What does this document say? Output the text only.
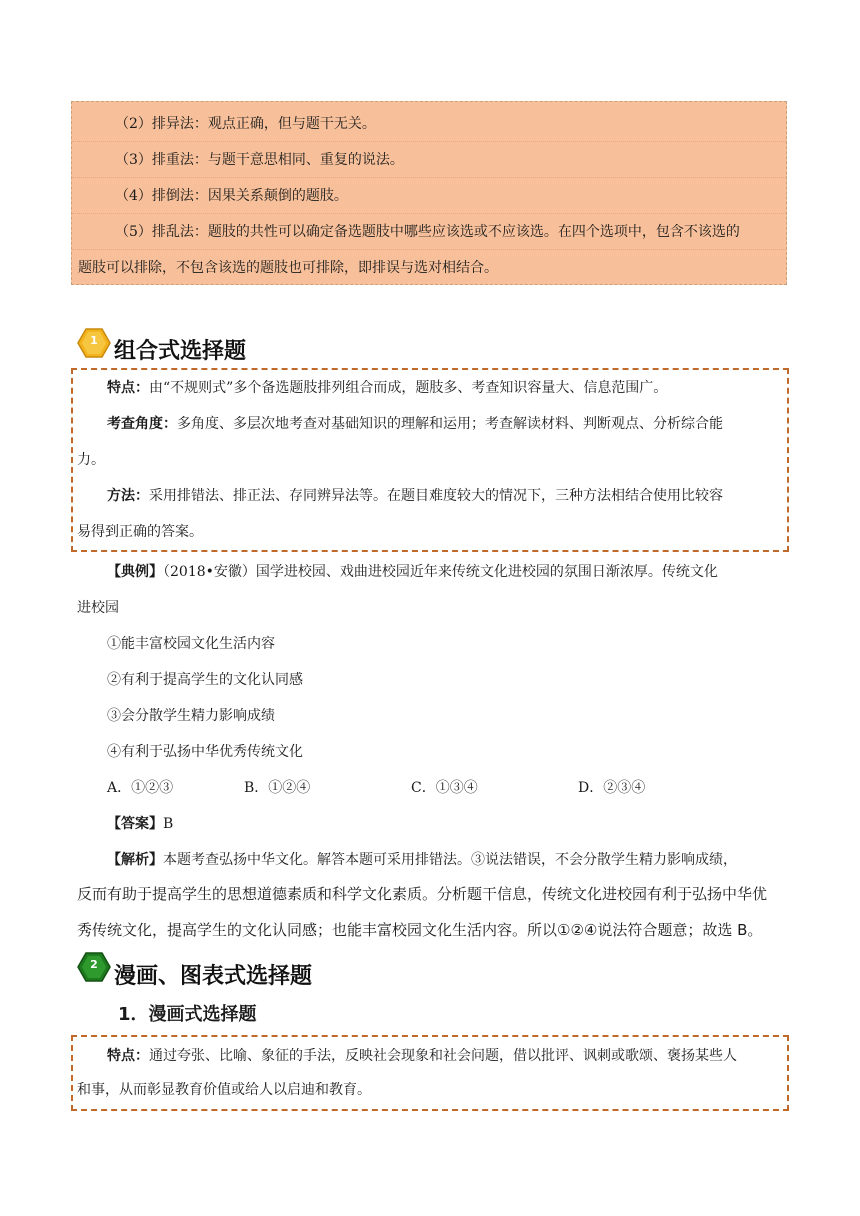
（2）排异法：观点正确，但与题干无关。
（3）排重法：与题干意思相同、重复的说法。
（4）排倒法：因果关系颠倒的题肢。
（5）排乱法：题肢的共性可以确定备选题肢中哪些应该选或不应该选。在四个选项中，包含不该选的
题肢可以排除，不包含该选的题肢也可排除，即排误与选对相结合。
1 组合式选择题
特点：由“不规则式”多个备选题肢排列组合而成，题肢多、考查知识容量大、信息范围广。
考查角度：多角度、多层次地考查对基础知识的理解和运用；考查解读材料、判断观点、分析综合能
力。
方法：采用排错法、排正法、存同辨异法等。在题目难度较大的情况下，三种方法相结合使用比较容
易得到正确的答案。
【典例】（2018•安徽）国学进校园、戏曲进校园近年来传统文化进校园的氛围日渐浓厚。传统文化
进校园
①能丰富校园文化生活内容
②有利于提高学生的文化认同感
③会分散学生精力影响成绩
④有利于弘扬中华优秀传统文化
A．①②③	B．①②④	C．①③④	D．②③④
【答案】B
【解析】本题考查弘扬中华文化。解答本题可采用排错法。③说法错误，不会分散学生精力影响成绩，
反而有助于提高学生的思想道德素质和科学文化素质。分析题干信息，传统文化进校园有利于弘扬中华优
秀传统文化，提高学生的文化认同感；也能丰富校园文化生活内容。所以①②④说法符合题意；故选 B。
2 漫画、图表式选择题
1．漫画式选择题
特点：通过夸张、比喻、象征的手法，反映社会现象和社会问题，借以批评、讽刺或歌颂、褒扬某些人
和事，从而彰显教育价值或给人以启迪和教育。
